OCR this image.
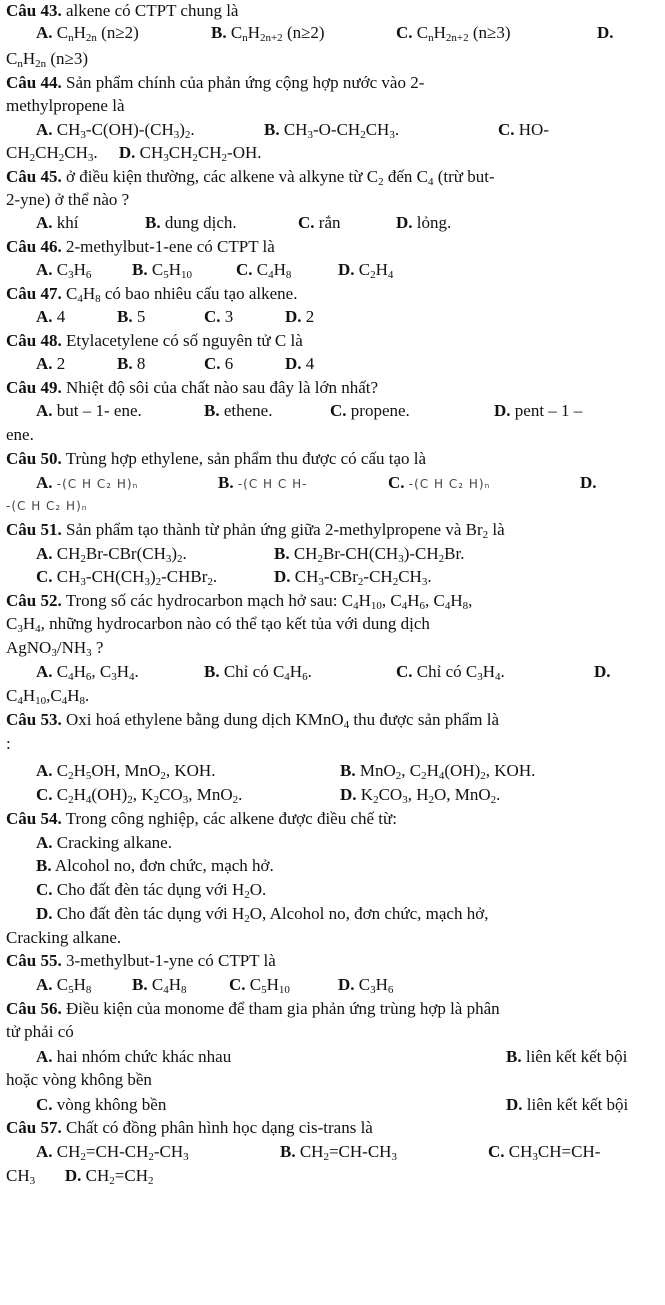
Câu 43. alkene có CTPT chung là
A. $C_nH_{2n}$ (n≥2)	B. $C_nH_{2n+2}$ (n≥2)	C. $C_nH_{2n+2}$ (n≥3)	D.
$C_nH_{2n}$ (n≥3)
Câu 44. Sản phẩm chính của phản ứng cộng hợp nước vào 2-
methylpropene là
A. $CH_3-C(OH)-(CH_3)_2$.	B. $CH_3-O-CH_2CH_3$.	C. HO-
$CH_2CH_2CH_3$.     D. $CH_3CH_2CH_2-OH$.
Câu 45. ở điều kiện thường, các alkene và alkyne từ $C_2$ đến $C_4$ (trừ but-
2-yne) ở thể nào ?
A. khí	B. dung dịch.	C. rắn	D. lỏng.
Câu 46. 2-methylbut-1-ene có CTPT là
A. $C_3H_6$ B. $C_5H_{10}$	C. $C_4H_8$	D. $C_2H_4$
Câu 47. $C_4H_8$ có bao nhiêu cấu tạo alkene.
A. 4	B. 5	C. 3	D. 2
Câu 48. Etylacetylene có số nguyên tử C là
A. 2	B. 8	C. 6	D. 4
Câu 49. Nhiệt độ sôi của chất nào sau đây là lớn nhất?
A. but – 1- ene.	B. ethene.	C. propene.	D. pent – 1 –
ene.
Câu 50. Trùng hợp ethylene, sản phẩm thu được có cấu tạo là
A. -(C H C₂ H)ₙ	B. -(C H C H-	C. -(C H C₂ H)ₙ	D.
-(C H C₂ H)ₙ
Câu 51. Sản phẩm tạo thành từ phản ứng giữa 2-methylpropene và $Br_2$ là
A. $CH_2Br-CBr(CH_3)_2$.	B. $CH_2Br-CH(CH_3)-CH_2Br$.
C. $CH_3-CH(CH_3)_2-CHBr_2$.	D. $CH_3-CBr_2-CH_2CH_3$.
Câu 52. Trong số các hydrocarbon mạch hở sau: $C_4H_{10}$, $C_4H_6$, $C_4H_8$,
$C_3H_4$, những hydrocarbon nào có thể tạo kết tủa với dung dịch
$AgNO_3/NH_3$ ?
A. $C_4H_6$, $C_3H_4$.	B. Chỉ có $C_4H_6$.	C. Chỉ có $C_3H_4$.	D.
$C_4H_{10},C_4H_8$.
Câu 53. Oxi hoá ethylene bằng dung dịch KMnO$_4$ thu được sản phẩm là
:
A. $C_2H_5OH$, MnO$_2$, KOH.	B. MnO$_2$, $C_2H_4(OH)_2$, KOH.
C. $C_2H_4(OH)_2$, $K_2CO_3$, MnO$_2$.	D. $K_2CO_3$, $H_2O$, MnO$_2$.
Câu 54. Trong công nghiệp, các alkene được điều chế từ:
A. Cracking alkane.
B. Alcohol no, đơn chức, mạch hở.
C. Cho đất đèn tác dụng với $H_2O$.
D. Cho đất đèn tác dụng với $H_2O$, Alcohol no, đơn chức, mạch hở,
Cracking alkane.
Câu 55. 3-methylbut-1-yne có CTPT là
A. $C_5H_8$ B. $C_4H_8$	C. $C_5H_{10}$	D. $C_3H_6$
Câu 56. Điều kiện của monome để tham gia phản ứng trùng hợp là phân
tử phải có
A. hai nhóm chức khác nhau	B. liên kết kết bội
hoặc vòng không bền
C. vòng không bền	D. liên kết kết bội
Câu 57. Chất có đồng phân hình học dạng cis-trans là
A. $CH_2=CH-CH_2-CH_3$	B. $CH_2=CH-CH_3$	C. $CH_3CH=CH-$
$CH_3$ D. $CH_2=CH_2$
